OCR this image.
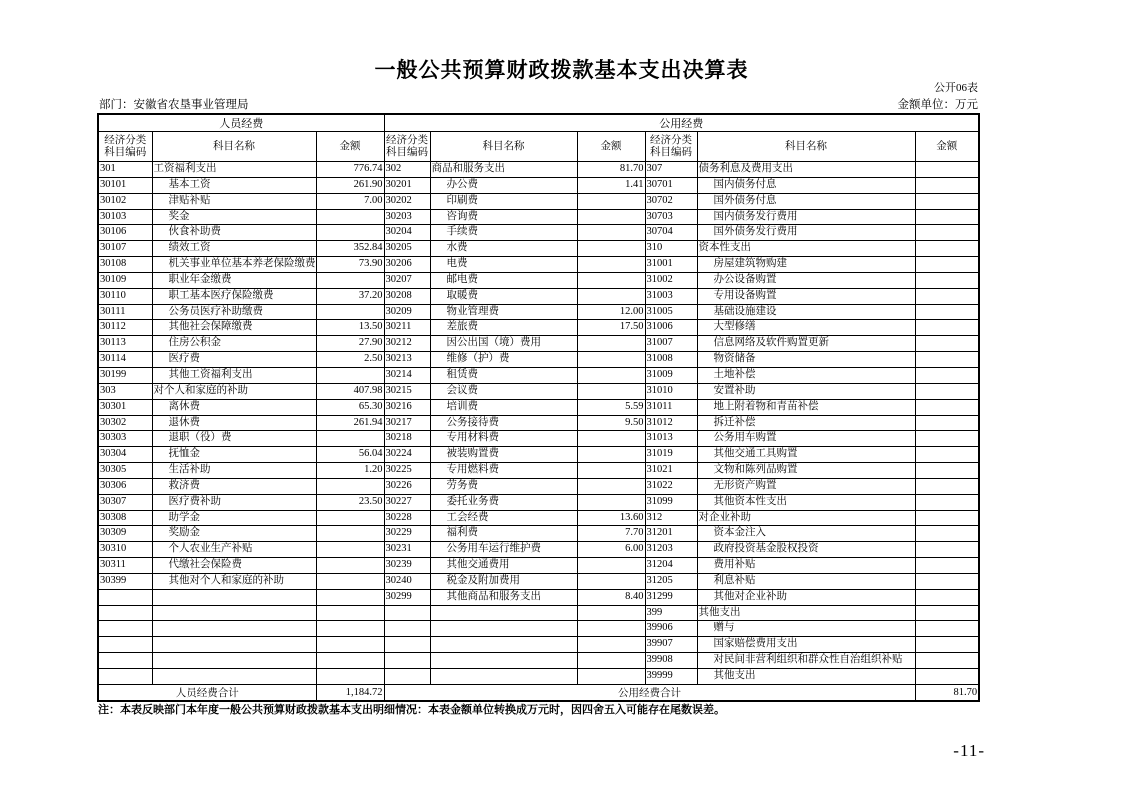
一般公共预算财政拨款基本支出决算表
公开06表
部门：安徽省农垦事业管理局	金额单位：万元
人员经费			公用经费					
经济分类科目编码	科目名称	金额	经济分类科目编码	科目名称	金额	经济分类科目编码	科目名称	金额
301	工资福利支出	776.74	302	商品和服务支出	81.70	307	债务利息及费用支出	
30101	基本工资	261.90	30201	办公费	1.41	30701	国内债务付息	
30102	津贴补贴	7.00	30202	印刷费		30702	国外债务付息	
30103	奖金		30203	咨询费		30703	国内债务发行费用	
30106	伙食补助费		30204	手续费		30704	国外债务发行费用	
30107	绩效工资	352.84	30205	水费		310	资本性支出	
30108	机关事业单位基本养老保险缴费	73.90	30206	电费		31001	房屋建筑物购建	
30109	职业年金缴费		30207	邮电费		31002	办公设备购置	
30110	职工基本医疗保险缴费	37.20	30208	取暖费		31003	专用设备购置	
30111	公务员医疗补助缴费		30209	物业管理费	12.00	31005	基础设施建设	
30112	其他社会保障缴费	13.50	30211	差旅费	17.50	31006	大型修缮	
30113	住房公积金	27.90	30212	因公出国（境）费用		31007	信息网络及软件购置更新	
30114	医疗费	2.50	30213	维修（护）费		31008	物资储备	
30199	其他工资福利支出		30214	租赁费		31009	土地补偿	
303	对个人和家庭的补助	407.98	30215	会议费		31010	安置补助	
30301	离休费	65.30	30216	培训费	5.59	31011	地上附着物和青苗补偿	
30302	退休费	261.94	30217	公务接待费	9.50	31012	拆迁补偿	
30303	退职（役）费		30218	专用材料费		31013	公务用车购置	
30304	抚恤金	56.04	30224	被装购置费		31019	其他交通工具购置	
30305	生活补助	1.20	30225	专用燃料费		31021	文物和陈列品购置	
30306	救济费		30226	劳务费		31022	无形资产购置	
30307	医疗费补助	23.50	30227	委托业务费		31099	其他资本性支出	
30308	助学金		30228	工会经费	13.60	312	对企业补助	
30309	奖励金		30229	福利费	7.70	31201	资本金注入	
30310	个人农业生产补贴		30231	公务用车运行维护费	6.00	31203	政府投资基金股权投资	
30311	代缴社会保险费		30239	其他交通费用		31204	费用补贴	
30399	其他对个人和家庭的补助		30240	税金及附加费用		31205	利息补贴	
			30299	其他商品和服务支出	8.40	31299	其他对企业补助	
						399	其他支出	
						39906	赠与	
						39907	国家赔偿费用支出	
						39908	对民间非营利组织和群众性自治组织补贴	
						39999	其他支出	
人员经费合计		1,184.72	公用经费合计					81.70
注：本表反映部门本年度一般公共预算财政拨款基本支出明细情况：本表金额单位转换成万元时，因四舍五入可能存在尾数误差。
-11-
